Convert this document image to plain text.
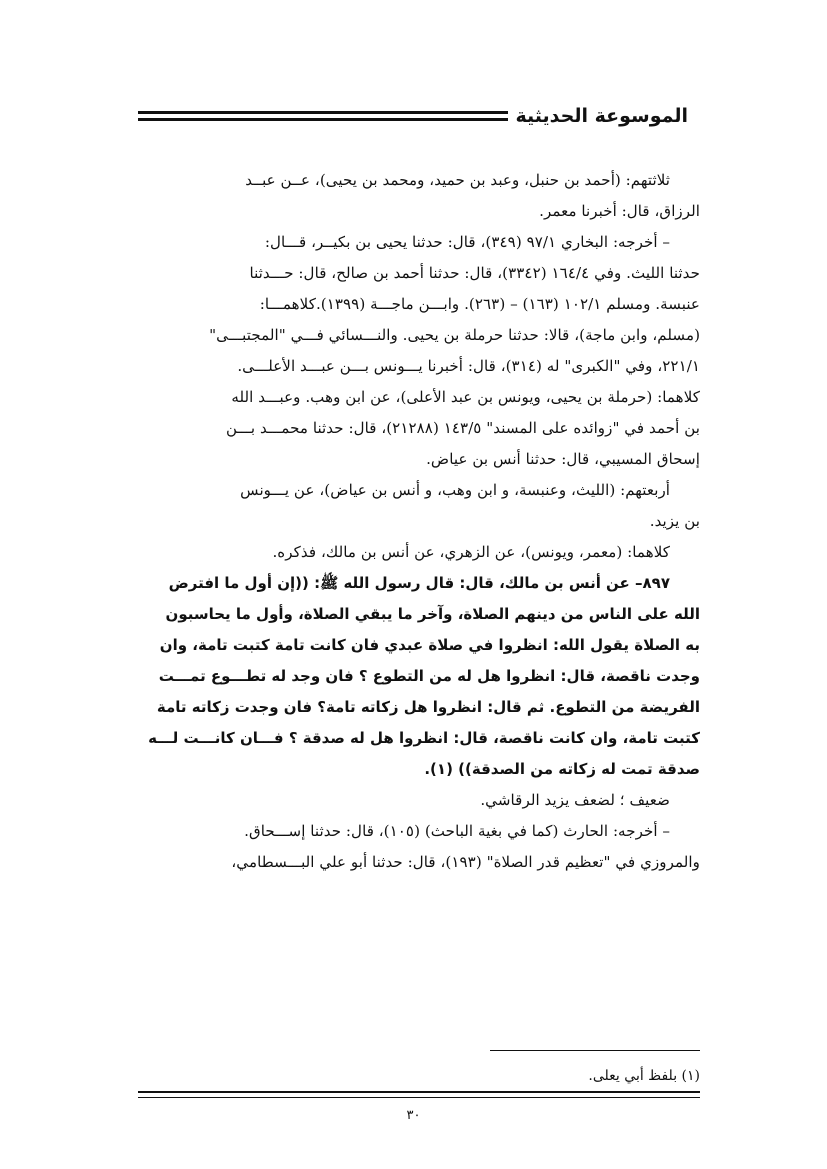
الموسوعة الحديثية

ثلاثتهم: (أحمد بن حنبل، وعبد بن حميد، ومحمد بن يحيى)، عــن عبــد

الرزاق، قال: أخبرنا معمر.

– أخرجه: البخاري ٩٧/١ (٣٤٩)، قال: حدثنا يحيى بن بكيــر، قـــال:

حدثنا الليث. وفي ١٦٤/٤ (٣٣٤٢)، قال: حدثنا أحمد بن صالح، قال: حـــدثنا

عنبسة. ومسلم ١٠٢/١ (١٦٣) – (٢٦٣). وابـــن ماجـــة (١٣٩٩).كلاهمـــا:

(مسلم، وابن ماجة)، قالا: حدثنا حرملة بن يحيى. والنـــسائي فـــي "المجتبـــى"

٢٢١/١، وفي "الكبرى" له (٣١٤)، قال: أخبرنا يـــونس بـــن عبـــد الأعلـــى.

كلاهما: (حرملة بن يحيى، ويونس بن عبد الأعلى)، عن ابن وهب. وعبـــد الله

بن أحمد في "زوائده على المسند" ١٤٣/٥ (٢١٢٨٨)، قال: حدثنا محمـــد بـــن

إسحاق المسيبي، قال: حدثنا أنس بن عياض.

أربعتهم: (الليث، وعنبسة، و ابن وهب، و أنس بن عياض)، عن يـــونس

بن يزيد.

كلاهما: (معمر، ويونس)، عن الزهري، عن أنس بن مالك، فذكره.

٨٩٧– عن أنس بن مالك، قال: قال رسول الله ﷺ: ((إن أول ما افترض

الله على الناس من دينهم الصلاة، وآخر ما يبقي الصلاة، وأول ما يحاسبون

به الصلاة يقول الله: انظروا في صلاة عبدي فان كانت تامة كتبت تامة، وان

وجدت ناقصة، قال: انظروا هل له من التطوع ؟ فان وجد له تطـــوع تمـــت

الفريضة من التطوع. ثم قال: انظروا هل زكاته تامة؟ فان وجدت زكاته تامة

كتبت تامة، وان كانت ناقصة، قال: انظروا هل له صدقة ؟ فـــان كانـــت لـــه

صدقة تمت له زكاته من الصدقة)) (١).

ضعيف ؛ لضعف يزيد الرقاشي.

– أخرجه: الحارث (كما في بغية الباحث) (١٠٥)، قال: حدثنا إســـحاق.

والمروزي في "تعظيم قدر الصلاة" (١٩٣)، قال: حدثنا أبو علي البـــسطامي،

(١) بلفظ أبي يعلى.
٣٠
